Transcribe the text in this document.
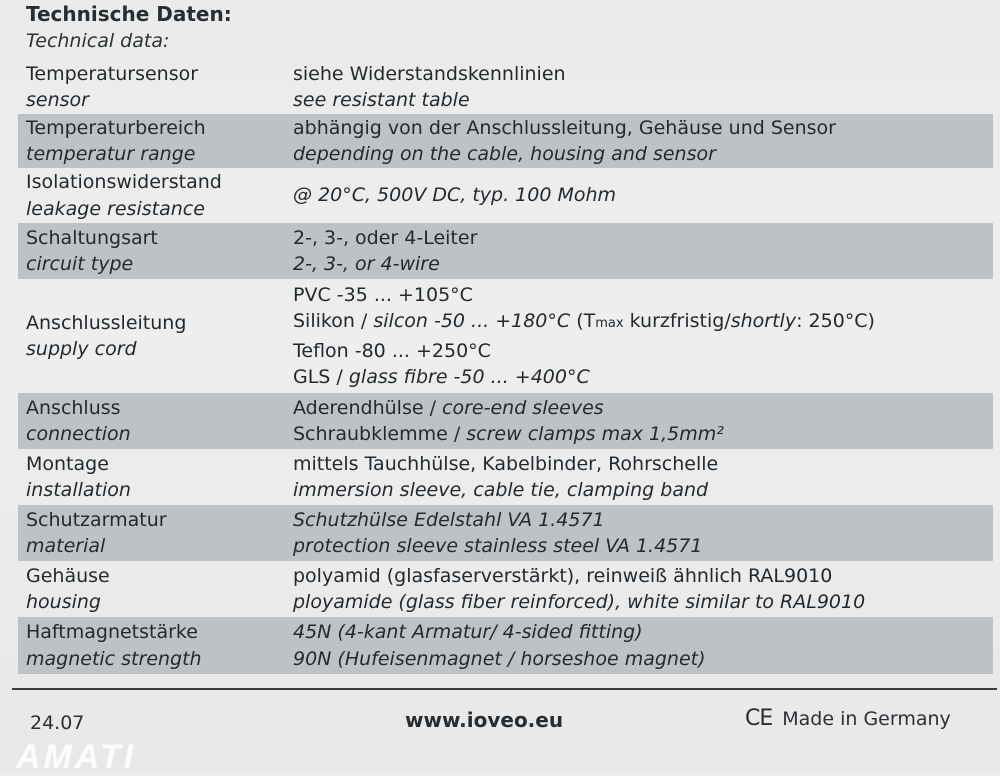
Technische Daten:
Technical data:
Temperatursensor
sensor
siehe Widerstandskennlinien
see resistant table
Temperaturbereich
temperatur range
abhängig von der Anschlussleitung, Gehäuse und Sensor
depending on the cable, housing and sensor
Isolationswiderstand
leakage resistance
@ 20°C, 500V DC, typ. 100 Mohm
Schaltungsart
circuit type
2-, 3-, oder 4-Leiter
2-, 3-, or 4-wire
Anschlussleitung
supply cord
PVC -35 ... +105°C
Silikon / silcon -50 ... +180°C (Tmax kurzfristig/shortly: 250°C)
Teflon -80 ... +250°C
GLS / glass fibre -50 ... +400°C
Anschluss
connection
Aderendhülse / core-end sleeves
Schraubklemme / screw clamps max 1,5mm²
Montage
installation
mittels Tauchhülse, Kabelbinder, Rohrschelle
immersion sleeve, cable tie, clamping band
Schutzarmatur
material
Schutzhülse Edelstahl VA 1.4571
protection sleeve stainless steel VA 1.4571
Gehäuse
housing
polyamid (glasfaserverstärkt), reinweiß ähnlich RAL9010
ployamide (glass fiber reinforced), white similar to RAL9010
Haftmagnetstärke
magnetic strength
45N (4-kant Armatur/ 4-sided fitting)
90N (Hufeisenmagnet / horseshoe magnet)
24.07	www.ioveo.eu	CE Made in Germany
AMATI
